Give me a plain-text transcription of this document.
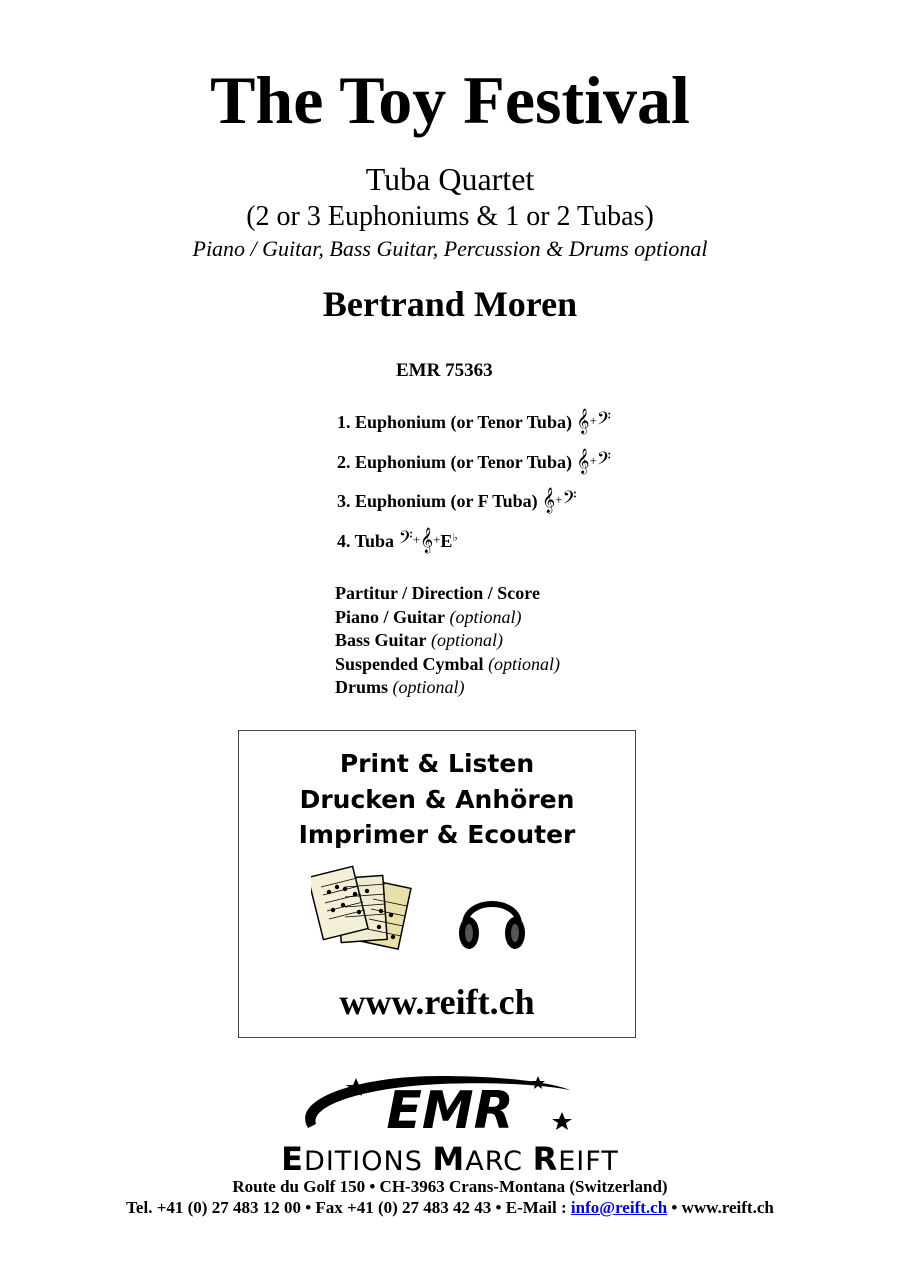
The Toy Festival
Tuba Quartet
(2 or 3 Euphoniums & 1 or 2 Tubas)
Piano / Guitar, Bass Guitar, Percussion & Drums optional
Bertrand Moren
EMR 75363
1. Euphonium (or Tenor Tuba) 𝄞+𝄢
2. Euphonium (or Tenor Tuba) 𝄞+𝄢
3. Euphonium (or F Tuba) 𝄞+𝄢
4. Tuba 𝄢+𝄞+E♭
Partitur / Direction / Score
Piano / Guitar (optional)
Bass Guitar (optional)
Suspended Cymbal (optional)
Drums (optional)
Print & Listen
Drucken & Anhören
Imprimer & Ecouter
www.reift.ch
EMR
EDITIONS MARC REIFT
Route du Golf 150 • CH-3963 Crans-Montana (Switzerland)
Tel. +41 (0) 27 483 12 00 • Fax +41 (0) 27 483 42 43 • E-Mail : info@reift.ch • www.reift.ch
